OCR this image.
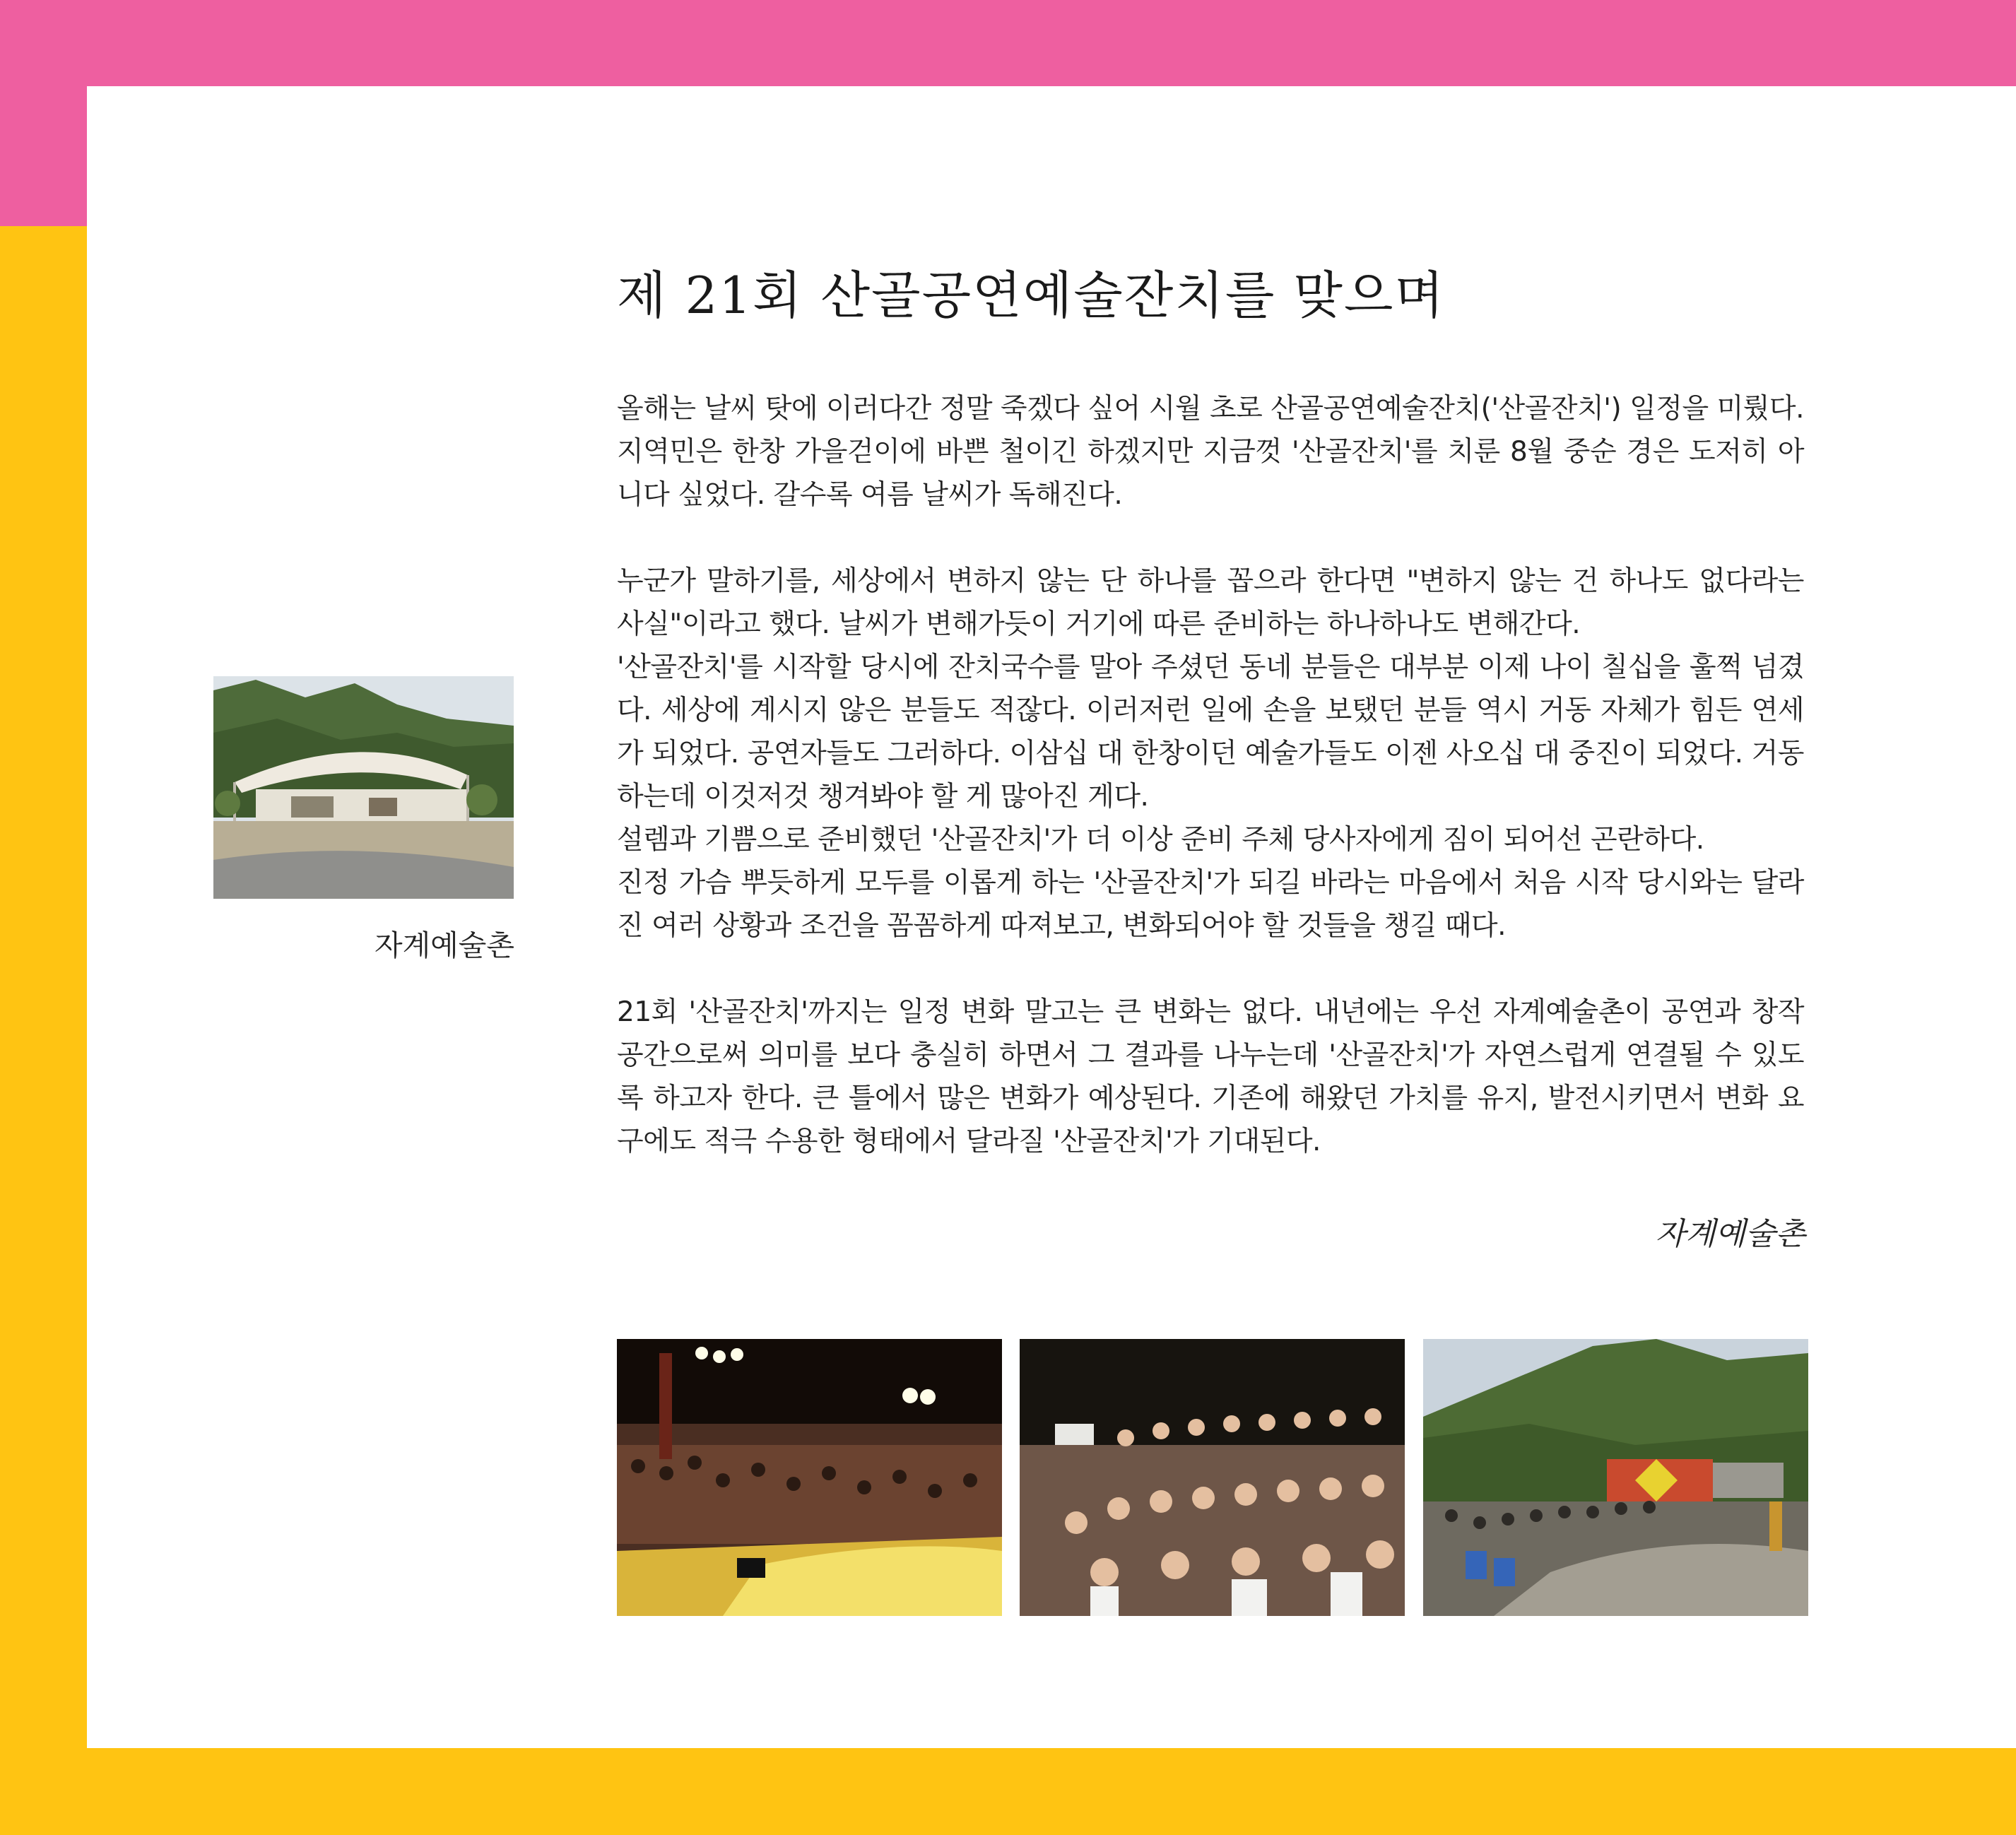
제 21회 산골공연예술잔치를 맞으며

올해는 날씨 탓에 이러다간 정말 죽겠다 싶어 시월 초로 산골공연예술잔치('산골잔치') 일정을 미뤘다. 지역민은 한창 가을걷이에 바쁜 철이긴 하겠지만 지금껏 '산골잔치'를 치룬 8월 중순 경은 도저히 아니다 싶었다. 갈수록 여름 날씨가 독해진다.

누군가 말하기를, 세상에서 변하지 않는 단 하나를 꼽으라 한다면 "변하지 않는 건 하나도 없다라는 사실"이라고 했다. 날씨가 변해가듯이 거기에 따른 준비하는 하나하나도 변해간다.

'산골잔치'를 시작할 당시에 잔치국수를 말아 주셨던 동네 분들은 대부분 이제 나이 칠십을 훌쩍 넘겼다. 세상에 계시지 않은 분들도 적잖다. 이러저런 일에 손을 보탰던 분들 역시 거동 자체가 힘든 연세가 되었다. 공연자들도 그러하다. 이삼십 대 한창이던 예술가들도 이젠 사오십 대 중진이 되었다. 거동하는데 이것저것 챙겨봐야 할 게 많아진 게다.

설렘과 기쁨으로 준비했던 '산골잔치'가 더 이상 준비 주체 당사자에게 짐이 되어선 곤란하다.

진정 가슴 뿌듯하게 모두를 이롭게 하는 '산골잔치'가 되길 바라는 마음에서 처음 시작 당시와는 달라진 여러 상황과 조건을 꼼꼼하게 따져보고, 변화되어야 할 것들을 챙길 때다.

21회 '산골잔치'까지는 일정 변화 말고는 큰 변화는 없다. 내년에는 우선 자계예술촌이 공연과 창작 공간으로써 의미를 보다 충실히 하면서 그 결과를 나누는데 '산골잔치'가 자연스럽게 연결될 수 있도록 하고자 한다. 큰 틀에서 많은 변화가 예상된다. 기존에 해왔던 가치를 유지, 발전시키면서 변화 요구에도 적극 수용한 형태에서 달라질 '산골잔치'가 기대된다.

자계예술촌
자계예술촌
